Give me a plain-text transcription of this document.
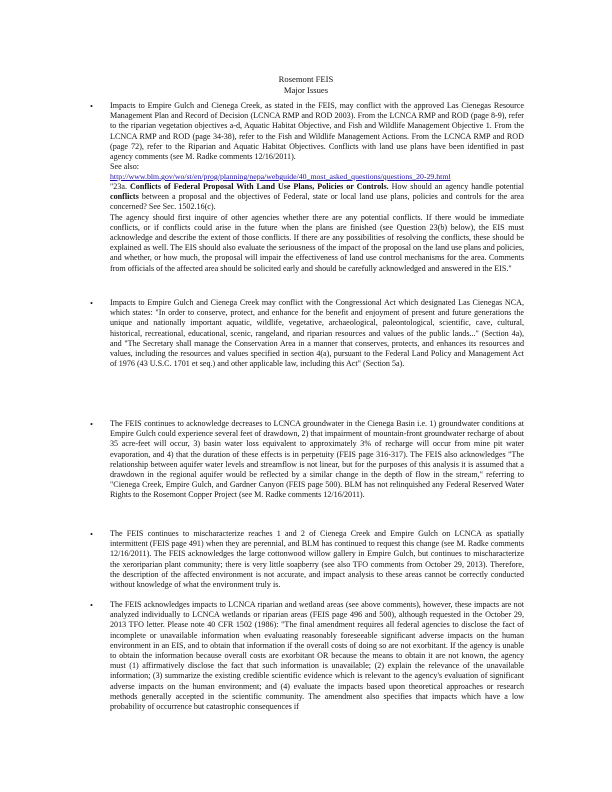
Rosemont FEIS
Major Issues
• Impacts to Empire Gulch and Cienega Creek, as stated in the FEIS, may conflict with the approved Las Cienegas Resource Management Plan and Record of Decision (LCNCA RMP and ROD 2003). From the LCNCA RMP and ROD (page 8-9), refer to the riparian vegetation objectives a-d, Aquatic Habitat Objective, and Fish and Wildlife Management Objective 1. From the LCNCA RMP and ROD (page 34-38), refer to the Fish and Wildlife Management Actions. From the LCNCA RMP and ROD (page 72), refer to the Riparian and Aquatic Habitat Objectives. Conflicts with land use plans have been identified in past agency comments (see M. Radke comments 12/16/2011).
See also:
http://www.blm.gov/wo/st/en/prog/planning/nepa/webguide/40_most_asked_questions/questions_20-29.html
"23a. Conflicts of Federal Proposal With Land Use Plans, Policies or Controls. How should an agency handle potential conflicts between a proposal and the objectives of Federal, state or local land use plans, policies and controls for the area concerned? See Sec. 1502.16(c).
The agency should first inquire of other agencies whether there are any potential conflicts. If there would be immediate conflicts, or if conflicts could arise in the future when the plans are finished (see Question 23(b) below), the EIS must acknowledge and describe the extent of those conflicts. If there are any possibilities of resolving the conflicts, these should be explained as well. The EIS should also evaluate the seriousness of the impact of the proposal on the land use plans and policies, and whether, or how much, the proposal will impair the effectiveness of land use control mechanisms for the area. Comments from officials of the affected area should be solicited early and should be carefully acknowledged and answered in the EIS."
• Impacts to Empire Gulch and Cienega Creek may conflict with the Congressional Act which designated Las Cienegas NCA, which states: "In order to conserve, protect, and enhance for the benefit and enjoyment of present and future generations the unique and nationally important aquatic, wildlife, vegetative, archaeological, paleontological, scientific, cave, cultural, historical, recreational, educational, scenic, rangeland, and riparian resources and values of the public lands..." (Section 4a), and "The Secretary shall manage the Conservation Area in a manner that conserves, protects, and enhances its resources and values, including the resources and values specified in section 4(a), pursuant to the Federal Land Policy and Management Act of 1976 (43 U.S.C. 1701 et seq.) and other applicable law, including this Act" (Section 5a).
• The FEIS continues to acknowledge decreases to LCNCA groundwater in the Cienega Basin i.e. 1) groundwater conditions at Empire Gulch could experience several feet of drawdown, 2) that impairment of mountain-front groundwater recharge of about 35 acre-feet will occur, 3) basin water loss equivalent to approximately 3% of recharge will occur from mine pit water evaporation, and 4) that the duration of these effects is in perpetuity (FEIS page 316-317). The FEIS also acknowledges "The relationship between aquifer water levels and streamflow is not linear, but for the purposes of this analysis it is assumed that a drawdown in the regional aquifer would be reflected by a similar change in the depth of flow in the stream," referring to "Cienega Creek, Empire Gulch, and Gardner Canyon (FEIS page 500). BLM has not relinquished any Federal Reserved Water Rights to the Rosemont Copper Project (see M. Radke comments 12/16/2011).
• The FEIS continues to mischaracterize reaches 1 and 2 of Cienega Creek and Empire Gulch on LCNCA as spatially intermittent (FEIS page 491) when they are perennial, and BLM has continued to request this change (see M. Radke comments 12/16/2011). The FEIS acknowledges the large cottonwood willow gallery in Empire Gulch, but continues to mischaracterize the xeroriparian plant community; there is very little soapberry (see also TFO comments from October 29, 2013). Therefore, the description of the affected environment is not accurate, and impact analysis to these areas cannot be correctly conducted without knowledge of what the environment truly is.
• The FEIS acknowledges impacts to LCNCA riparian and wetland areas (see above comments), however, these impacts are not analyzed individually to LCNCA wetlands or riparian areas (FEIS page 496 and 500), although requested in the October 29, 2013 TFO letter. Please note 40 CFR 1502 (1986): "The final amendment requires all federal agencies to disclose the fact of incomplete or unavailable information when evaluating reasonably foreseeable significant adverse impacts on the human environment in an EIS, and to obtain that information if the overall costs of doing so are not exorbitant. If the agency is unable to obtain the information because overall costs are exorbitant OR because the means to obtain it are not known, the agency must (1) affirmatively disclose the fact that such information is unavailable; (2) explain the relevance of the unavailable information; (3) summarize the existing credible scientific evidence which is relevant to the agency's evaluation of significant adverse impacts on the human environment; and (4) evaluate the impacts based upon theoretical approaches or research methods generally accepted in the scientific community. The amendment also specifies that impacts which have a low probability of occurrence but catastrophic consequences if
